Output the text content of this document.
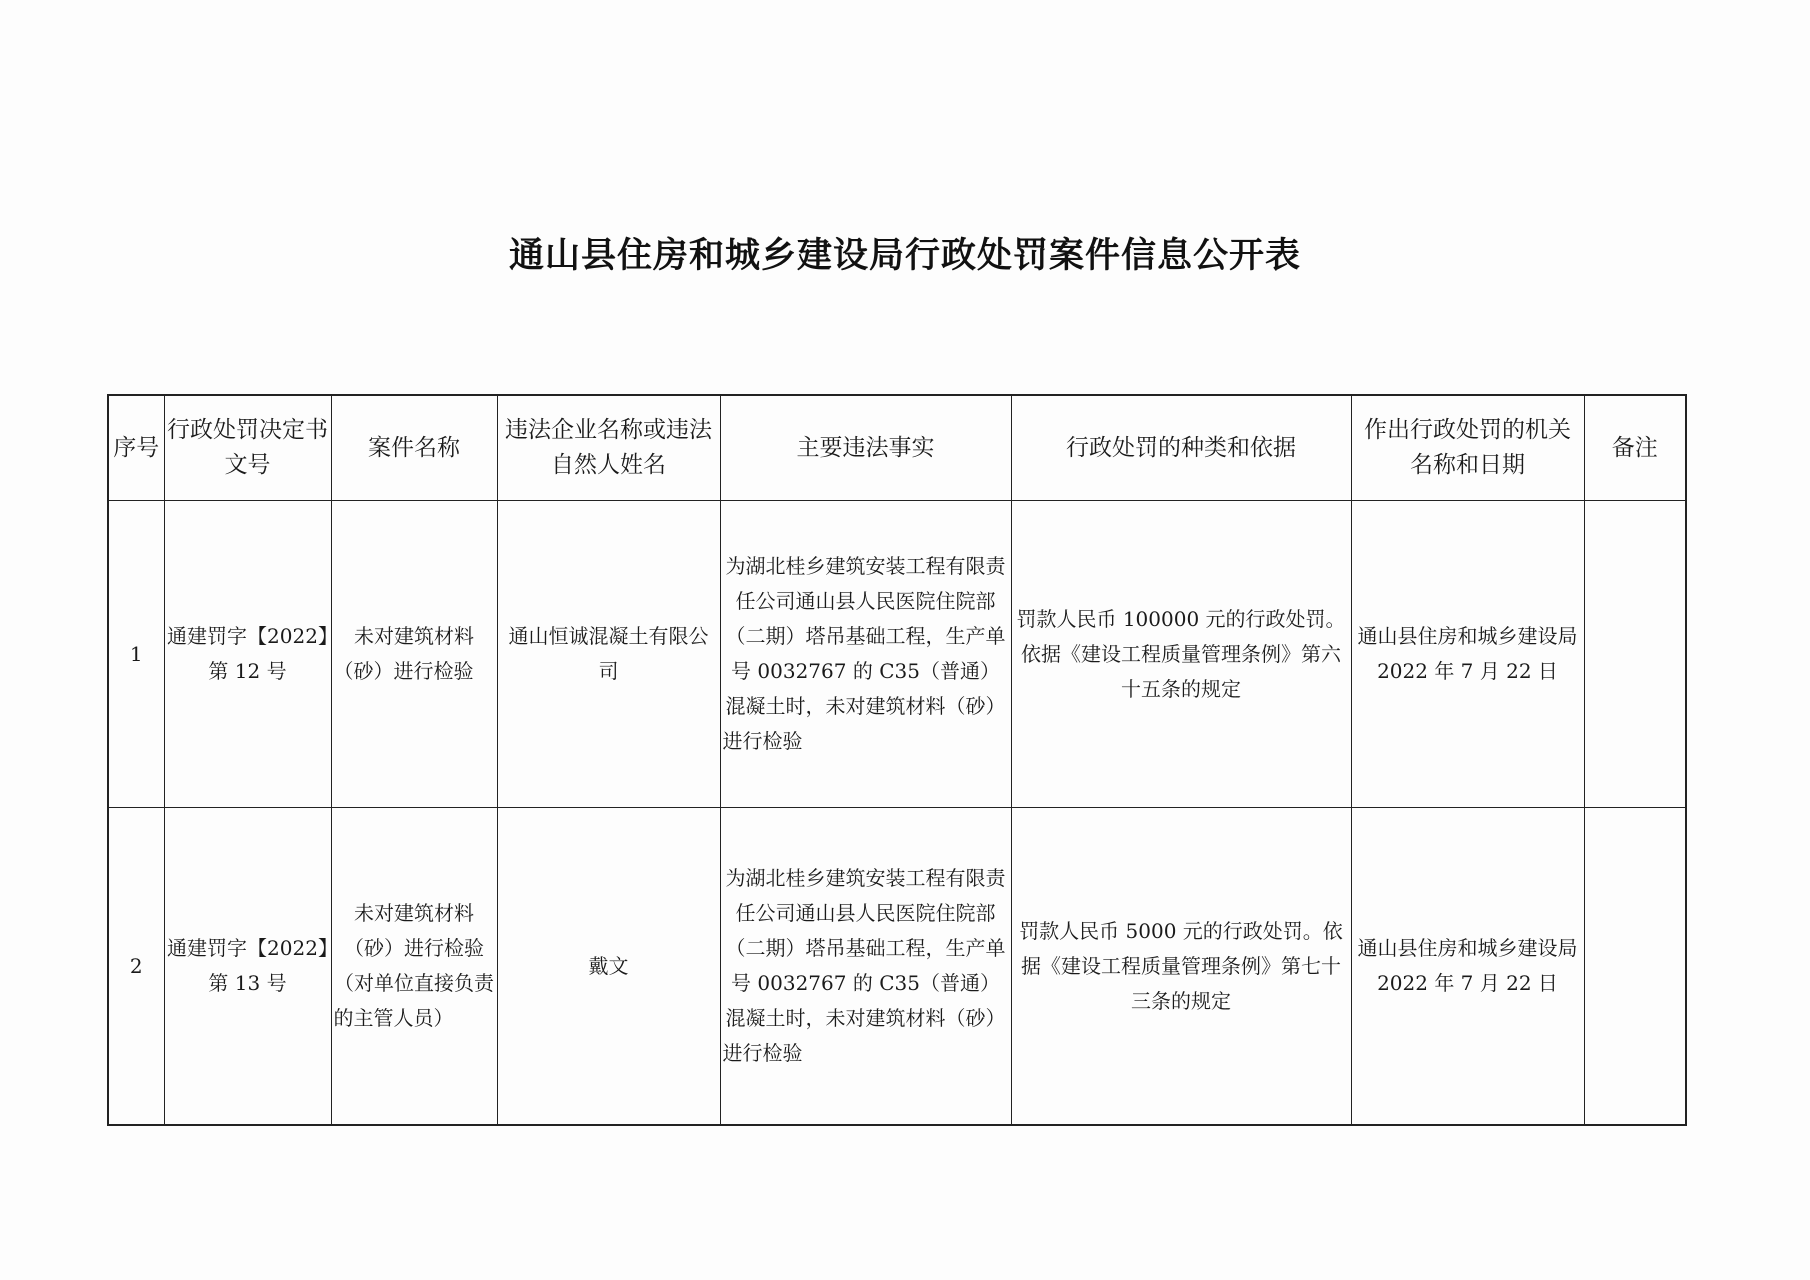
通山县住房和城乡建设局行政处罚案件信息公开表
序号	行政处罚决定书文号	案件名称	违法企业名称或违法自然人姓名	主要违法事实	行政处罚的种类和依据	作出行政处罚的机关名称和日期	备注
1	通建罚字【2022】第 12 号	未对建筑材料（砂）进行检验	通山恒诚混凝土有限公司	为湖北桂乡建筑安装工程有限责任公司通山县人民医院住院部（二期）塔吊基础工程，生产单号 0032767 的 C35（普通）混凝土时，未对建筑材料（砂）进行检验	罚款人民币 100000 元的行政处罚。依据《建设工程质量管理条例》第六十五条的规定	通山县住房和城乡建设局 2022 年 7 月 22 日	
2	通建罚字【2022】第 13 号	未对建筑材料（砂）进行检验（对单位直接负责的主管人员）	戴文	为湖北桂乡建筑安装工程有限责任公司通山县人民医院住院部（二期）塔吊基础工程，生产单号 0032767 的 C35（普通）混凝土时，未对建筑材料（砂）进行检验	罚款人民币 5000 元的行政处罚。依据《建设工程质量管理条例》第七十三条的规定	通山县住房和城乡建设局 2022 年 7 月 22 日	
